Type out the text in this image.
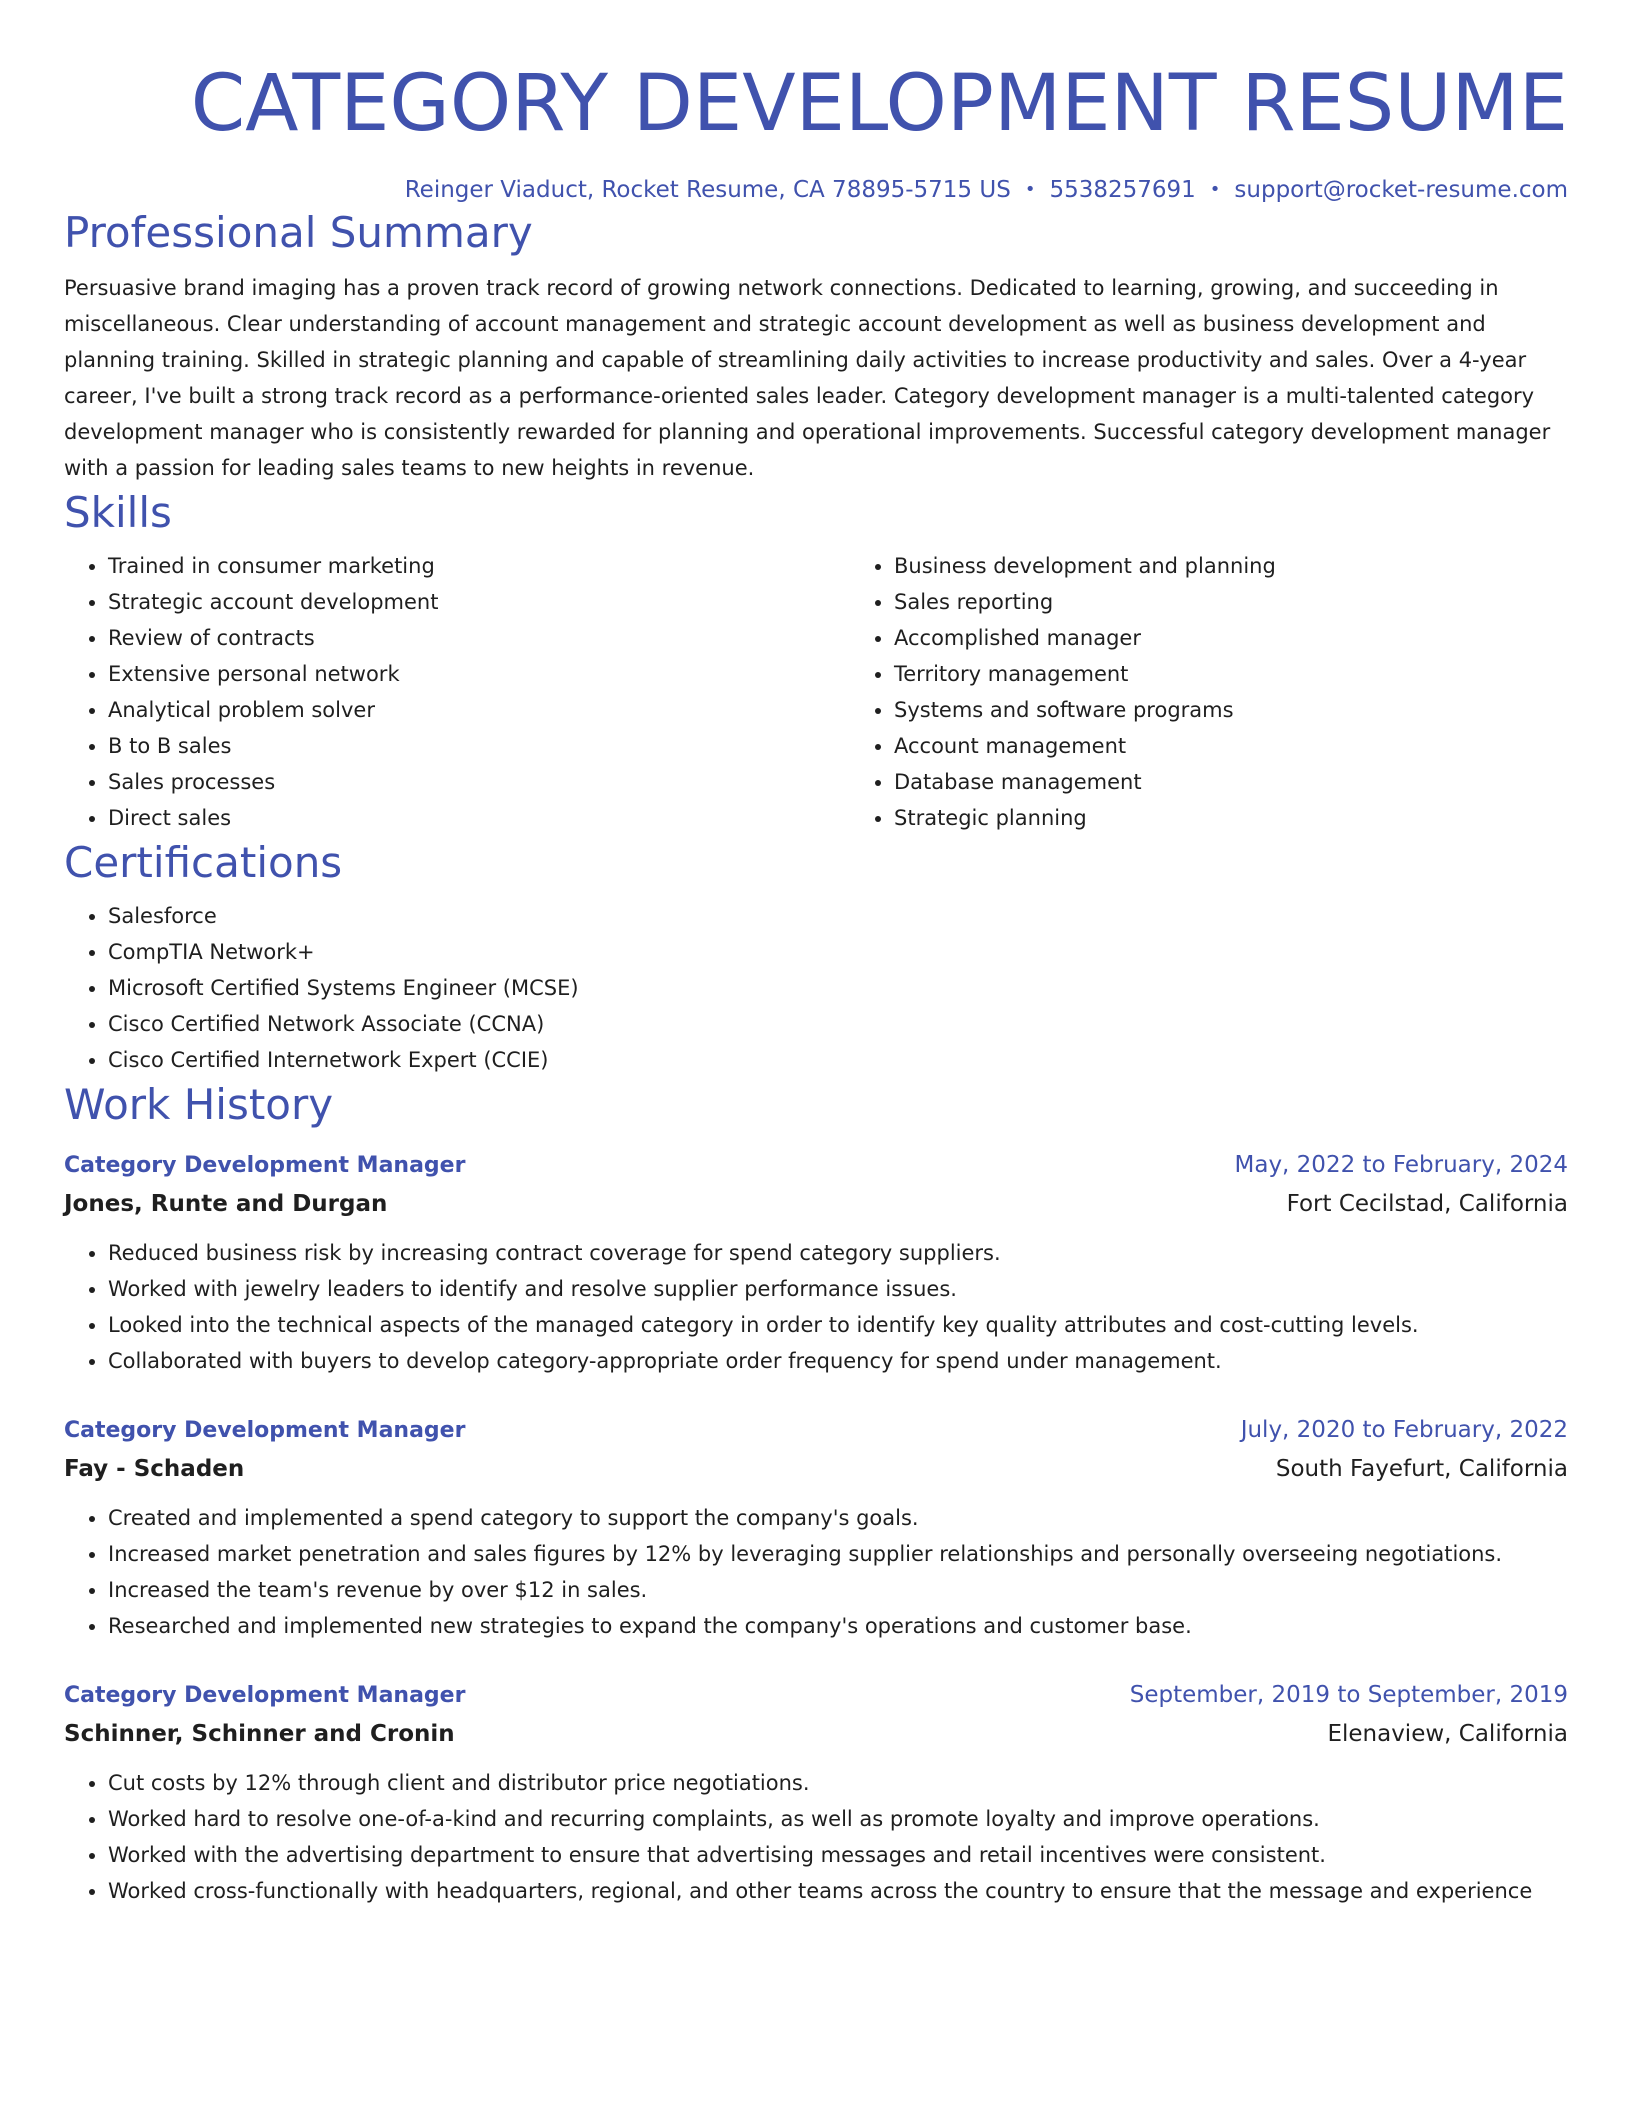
CATEGORY DEVELOPMENT RESUME
Reinger Viaduct, Rocket Resume, CA 78895-5715 US • 5538257691 • support@rocket-resume.com
Professional Summary

Persuasive brand imaging has a proven track record of growing network connections. Dedicated to learning, growing, and succeeding in miscellaneous. Clear understanding of account management and strategic account development as well as business development and planning training. Skilled in strategic planning and capable of streamlining daily activities to increase productivity and sales. Over a 4-year career, I've built a strong track record as a performance-oriented sales leader. Category development manager is a multi-talented category development manager who is consistently rewarded for planning and operational improvements. Successful category development manager with a passion for leading sales teams to new heights in revenue.

Skills
• Trained in consumer marketing
• Strategic account development
• Review of contracts
• Extensive personal network
• Analytical problem solver
• B to B sales
• Sales processes
• Direct sales
• Business development and planning
• Sales reporting
• Accomplished manager
• Territory management
• Systems and software programs
• Account management
• Database management
• Strategic planning
Certifications
• Salesforce
• CompTIA Network+
• Microsoft Certified Systems Engineer (MCSE)
• Cisco Certified Network Associate (CCNA)
• Cisco Certified Internetwork Expert (CCIE)
Work History
Category Development Manager	May, 2022 to February, 2024
Jones, Runte and Durgan	Fort Cecilstad, California
• Reduced business risk by increasing contract coverage for spend category suppliers.
• Worked with jewelry leaders to identify and resolve supplier performance issues.
• Looked into the technical aspects of the managed category in order to identify key quality attributes and cost-cutting levels.
• Collaborated with buyers to develop category-appropriate order frequency for spend under management.
Category Development Manager	July, 2020 to February, 2022
Fay - Schaden	South Fayefurt, California
• Created and implemented a spend category to support the company's goals.
• Increased market penetration and sales figures by 12% by leveraging supplier relationships and personally overseeing negotiations.
• Increased the team's revenue by over $12 in sales.
• Researched and implemented new strategies to expand the company's operations and customer base.
Category Development Manager	September, 2019 to September, 2019
Schinner, Schinner and Cronin	Elenaview, California
• Cut costs by 12% through client and distributor price negotiations.
• Worked hard to resolve one-of-a-kind and recurring complaints, as well as promote loyalty and improve operations.
• Worked with the advertising department to ensure that advertising messages and retail incentives were consistent.
• Worked cross-functionally with headquarters, regional, and other teams across the country to ensure that the message and experience
